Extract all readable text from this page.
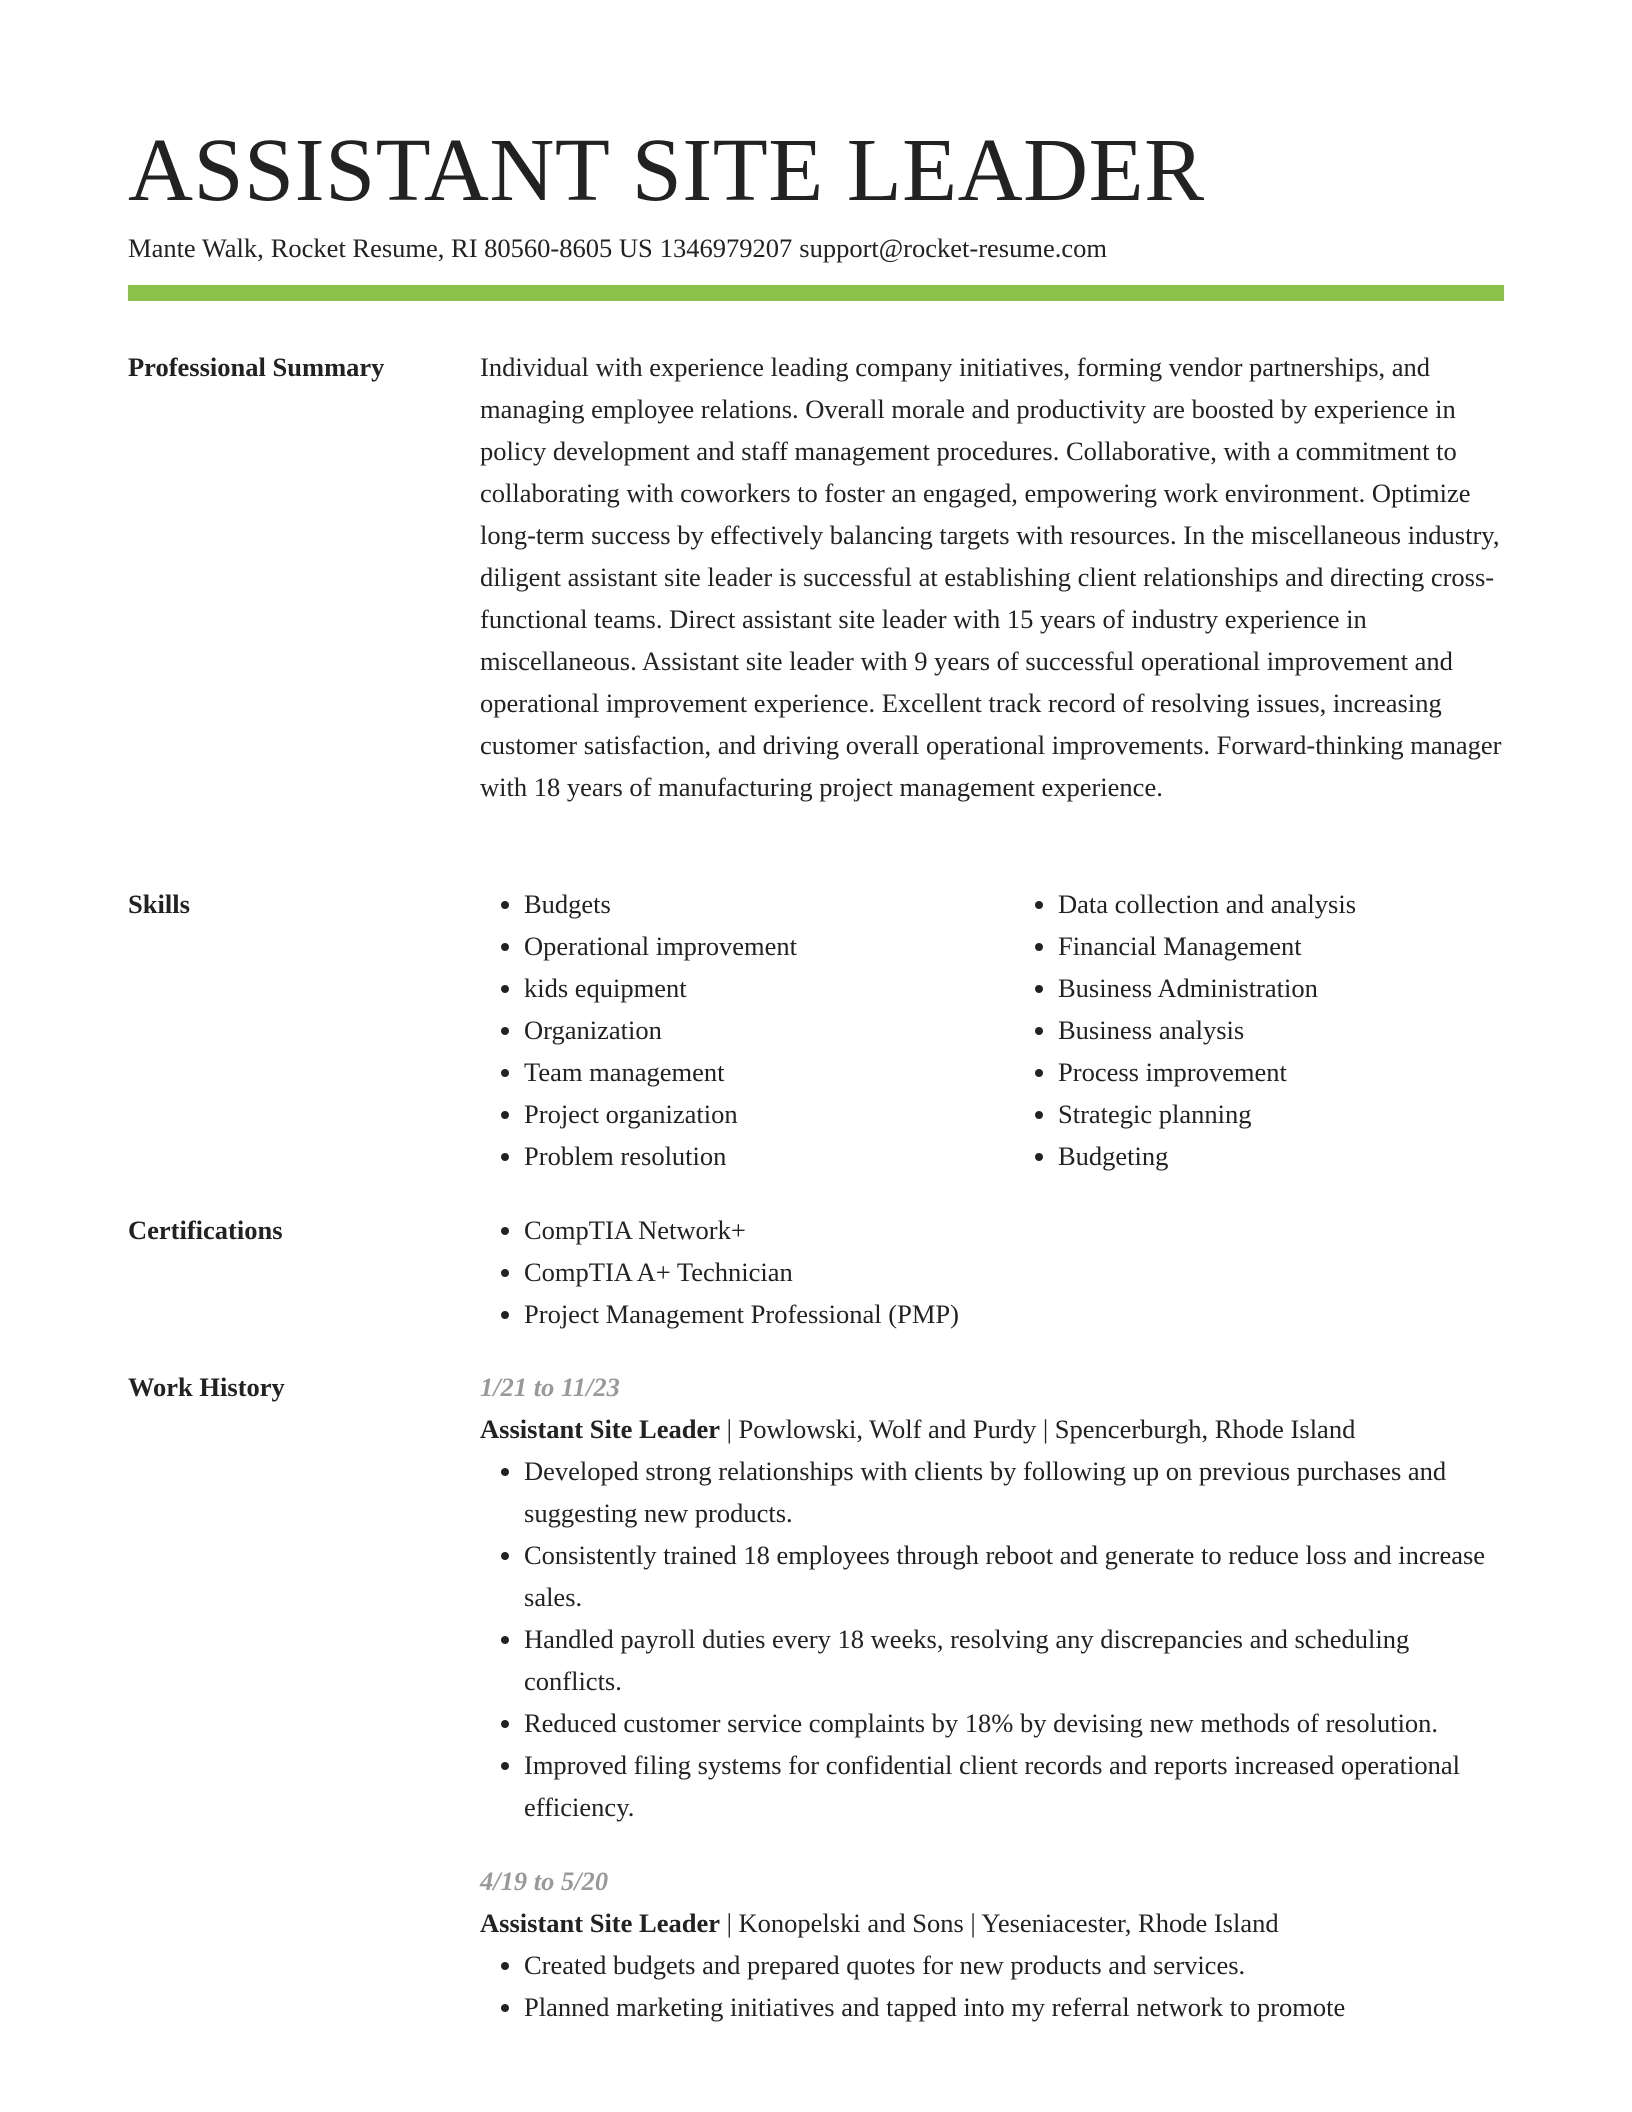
ASSISTANT SITE LEADER
Mante Walk, Rocket Resume, RI 80560-8605 US 1346979207 support@rocket-resume.com
Professional Summary	Individual with experience leading company initiatives, forming vendor partnerships, and managing employee relations. Overall morale and productivity are boosted by experience in policy development and staff management procedures. Collaborative, with a commitment to collaborating with coworkers to foster an engaged, empowering work environment. Optimize long-term success by effectively balancing targets with resources. In the miscellaneous industry, diligent assistant site leader is successful at establishing client relationships and directing cross-functional teams. Direct assistant site leader with 15 years of industry experience in miscellaneous. Assistant site leader with 9 years of successful operational improvement and operational improvement experience. Excellent track record of resolving issues, increasing customer satisfaction, and driving overall operational improvements. Forward-thinking manager with 18 years of manufacturing project management experience.

Skills	• Budgets
• Operational improvement
• kids equipment
• Organization
• Team management
• Project organization
• Problem resolution
• Data collection and analysis
• Financial Management
• Business Administration
• Business analysis
• Process improvement
• Strategic planning
• Budgeting
Certifications	• CompTIA Network+
• CompTIA A+ Technician
• Project Management Professional (PMP)
Work History	1/21 to 11/23
Assistant Site Leader | Powlowski, Wolf and Purdy | Spencerburgh, Rhode Island
• Developed strong relationships with clients by following up on previous purchases and suggesting new products.
• Consistently trained 18 employees through reboot and generate to reduce loss and increase sales.
• Handled payroll duties every 18 weeks, resolving any discrepancies and scheduling conflicts.
• Reduced customer service complaints by 18% by devising new methods of resolution.
• Improved filing systems for confidential client records and reports increased operational efficiency.
4/19 to 5/20
Assistant Site Leader | Konopelski and Sons | Yeseniacester, Rhode Island
• Created budgets and prepared quotes for new products and services.
• Planned marketing initiatives and tapped into my referral network to promote
